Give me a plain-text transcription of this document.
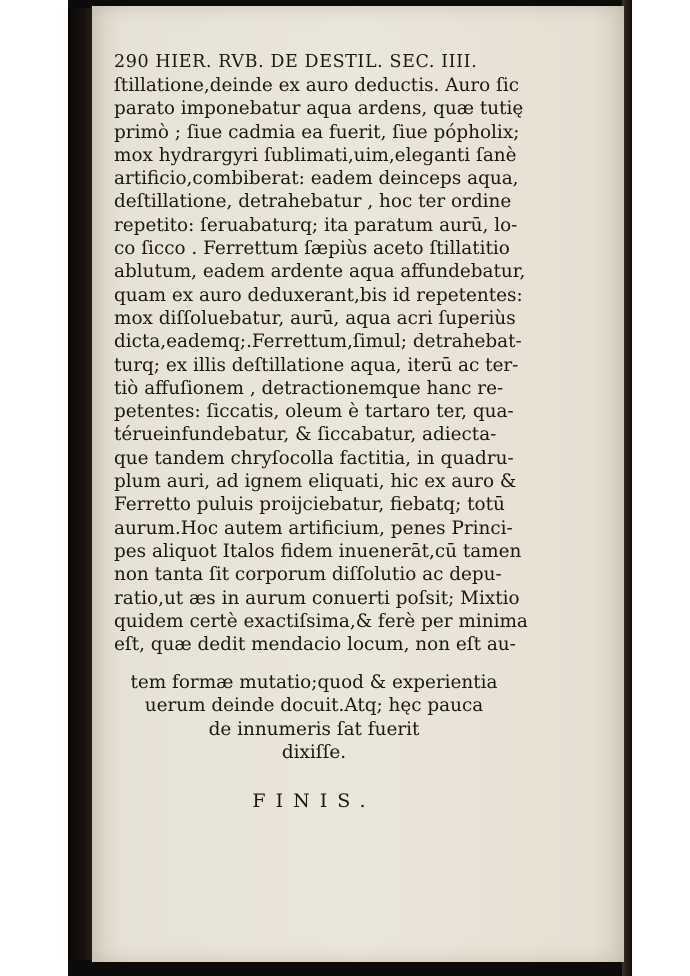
290 HIER. RVB. DE DESTIL. SEC. IIII.
ſtillatione,deinde ex auro deductis. Auro ſic
parato imponebatur aqua ardens, quæ tutię
primò ; ſiue cadmia ea fuerit, ſiue pópholix;
mox hydrargyri ſublimati,uim,eleganti ſanè
artificio,combiberat: eadem deinceps aqua,
deſtillatione, detrahebatur , hoc ter ordine
repetito: ſeruabaturq; ita paratum aurū, lo-
co ſicco . Ferrettum ſæpiùs aceto ſtillatitio
ablutum, eadem ardente aqua affundebatur,
quam ex auro deduxerant,bis id repetentes:
mox diſſoluebatur, aurū, aqua acri ſuperiùs
dicta,eademq;.Ferrettum,ſimul; detrahebat-
turq; ex illis deſtillatione aqua, iterū ac ter-
tiò affuſionem , detractionemque hanc re-
petentes: ſiccatis, oleum è tartaro ter, qua-
térueinfundebatur, & ſiccabatur, adiecta-
que tandem chryſocolla factitia, in quadru-
plum auri, ad ignem eliquati, hic ex auro &
Ferretto puluis proijciebatur, fiebatq; totū
aurum.Hoc autem artificium, penes Princi-
pes aliquot Italos fidem inuenerāt,cū tamen
non tanta ſit corporum diſſolutio ac depu-
ratio,ut æs in aurum conuerti poſsit; Mixtio
quidem certè exactiſsima,& ferè per minima
eſt, quæ dedit mendacio locum, non eſt au-
tem formæ mutatio;quod & experientia
uerum deinde docuit.Atq; hęc pauca
de innumeris ſat fuerit
dixiſſe.
FINIS.
